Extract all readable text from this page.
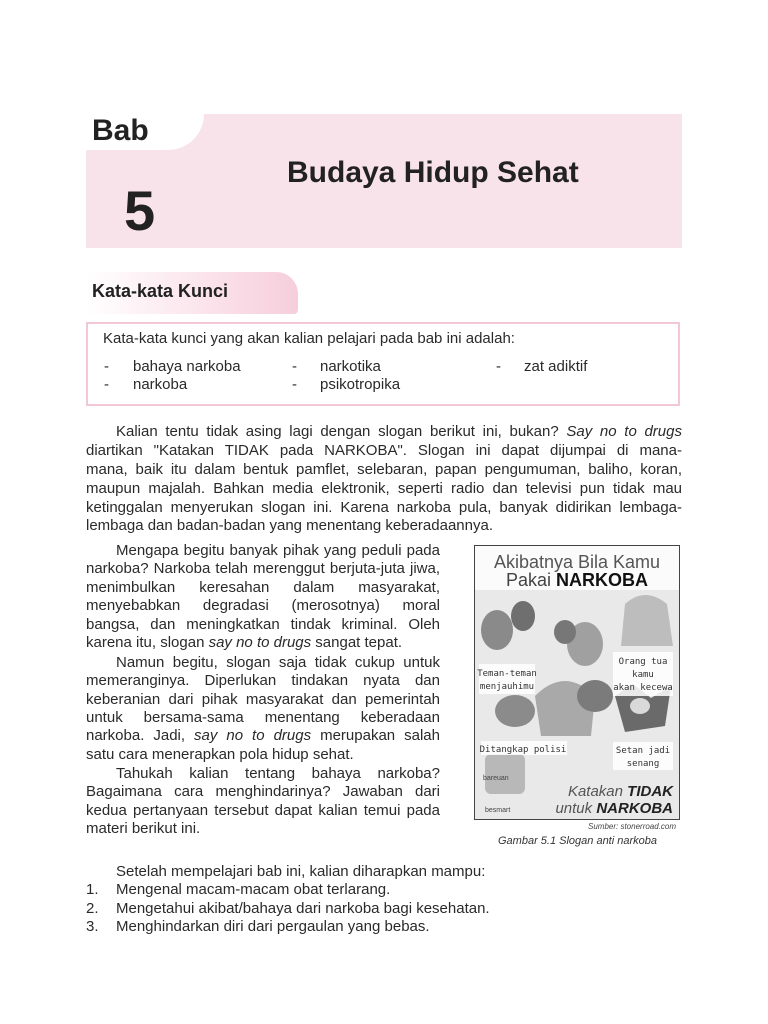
Bab
5
Budaya Hidup Sehat
Kata-kata Kunci
Kata-kata kunci yang akan kalian pelajari pada bab ini adalah:
- bahaya narkoba	- narkotika	- zat adiktif
- narkoba	- psikotropika
Kalian tentu tidak asing lagi dengan slogan berikut ini, bukan? Say no to drugs
diartikan "Katakan TIDAK pada NARKOBA". Slogan ini dapat dijumpai di mana-
mana, baik itu dalam bentuk pamflet, selebaran, papan pengumuman, baliho, koran,
maupun majalah. Bahkan media elektronik, seperti radio dan televisi pun tidak mau
ketinggalan menyerukan slogan ini. Karena narkoba pula, banyak didirikan lembaga-
lembaga dan badan-badan yang menentang keberadaannya.
Mengapa begitu banyak pihak yang peduli pada
narkoba? Narkoba telah merenggut berjuta-juta jiwa,
menimbulkan keresahan dalam masyarakat,
menyebabkan degradasi (merosotnya) moral
bangsa, dan meningkatkan tindak kriminal. Oleh
karena itu, slogan say no to drugs sangat tepat.
Namun begitu, slogan saja tidak cukup untuk
memeranginya. Diperlukan tindakan nyata dan
keberanian dari pihak masyarakat dan pemerintah
untuk bersama-sama menentang keberadaan
narkoba. Jadi, say no to drugs merupakan salah
satu cara menerapkan pola hidup sehat.
Tahukah kalian tentang bahaya narkoba?
Bagaimana cara menghindarinya? Jawaban dari
kedua pertanyaan tersebut dapat kalian temui pada
materi berikut ini.
Akibatnya Bila Kamu
Pakai NARKOBA
Teman-teman
menjauhimu
Orang tua
kamu
akan kecewa
Ditangkap polisi	Setan jadi
senang
Katakan TIDAK
untuk NARKOBA
bareuan
besmart
Sumber: stonerroad.com
Gambar 5.1 Slogan anti narkoba
Setelah mempelajari bab ini, kalian diharapkan mampu:
1. Mengenal macam-macam obat terlarang.
2. Mengetahui akibat/bahaya dari narkoba bagi kesehatan.
3. Menghindarkan diri dari pergaulan yang bebas.
